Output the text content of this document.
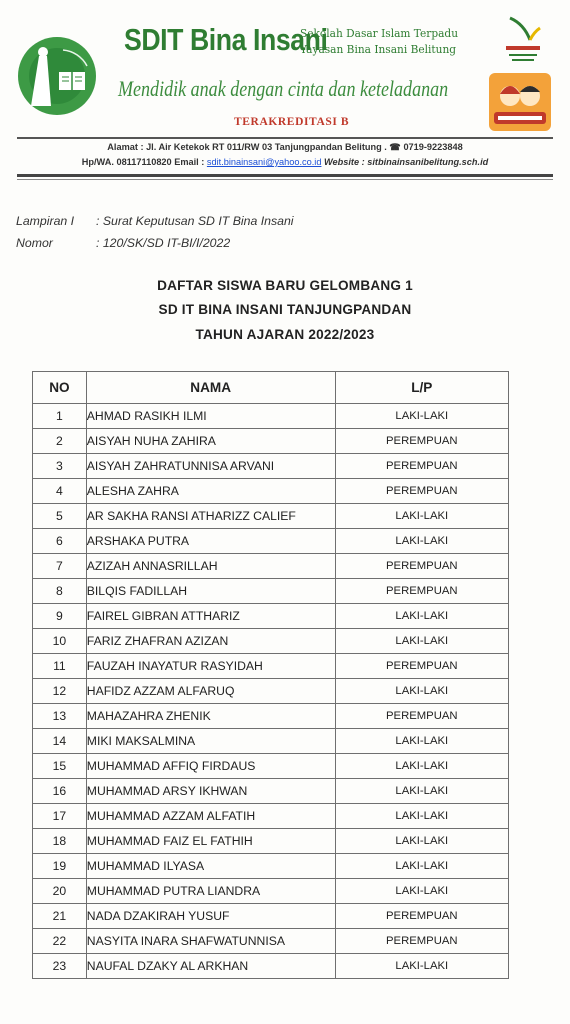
SDIT Bina Insani
Sekolah Dasar Islam Terpadu
Yayasan Bina Insani Belitung
Mendidik anak dengan cinta dan keteladanan
TERAKREDITASI B
Alamat : Jl. Air Ketekok RT 011/RW 03 Tanjungpandan Belitung . ☎ 0719-9223848
Hp/WA. 08117110820 Email : sdit.binainsani@yahoo.co.id Website : sitbinainsanibelitung.sch.id
Lampiran I : Surat Keputusan SD IT Bina Insani
Nomor	: 120/SK/SD IT-BI/I/2022
DAFTAR SISWA BARU GELOMBANG 1
SD IT BINA INSANI TANJUNGPANDAN
TAHUN AJARAN 2022/2023
NO	NAMA	L/P
1	AHMAD RASIKH ILMI	LAKI-LAKI
2	AISYAH NUHA ZAHIRA	PEREMPUAN
3	AISYAH ZAHRATUNNISA ARVANI	PEREMPUAN
4	ALESHA ZAHRA	PEREMPUAN
5	AR SAKHA RANSI ATHARIZZ CALIEF	LAKI-LAKI
6	ARSHAKA PUTRA	LAKI-LAKI
7	AZIZAH ANNASRILLAH	PEREMPUAN
8	BILQIS FADILLAH	PEREMPUAN
9	FAIREL GIBRAN ATTHARIZ	LAKI-LAKI
10	FARIZ ZHAFRAN AZIZAN	LAKI-LAKI
11	FAUZAH INAYATUR RASYIDAH	PEREMPUAN
12	HAFIDZ AZZAM ALFARUQ	LAKI-LAKI
13	MAHAZAHRA ZHENIK	PEREMPUAN
14	MIKI MAKSALMINA	LAKI-LAKI
15	MUHAMMAD AFFIQ FIRDAUS	LAKI-LAKI
16	MUHAMMAD ARSY IKHWAN	LAKI-LAKI
17	MUHAMMAD AZZAM ALFATIH	LAKI-LAKI
18	MUHAMMAD FAIZ EL FATHIH	LAKI-LAKI
19	MUHAMMAD ILYASA	LAKI-LAKI
20	MUHAMMAD PUTRA LIANDRA	LAKI-LAKI
21	NADA DZAKIRAH YUSUF	PEREMPUAN
22	NASYITA INARA SHAFWATUNNISA	PEREMPUAN
23	NAUFAL DZAKY AL ARKHAN	LAKI-LAKI
